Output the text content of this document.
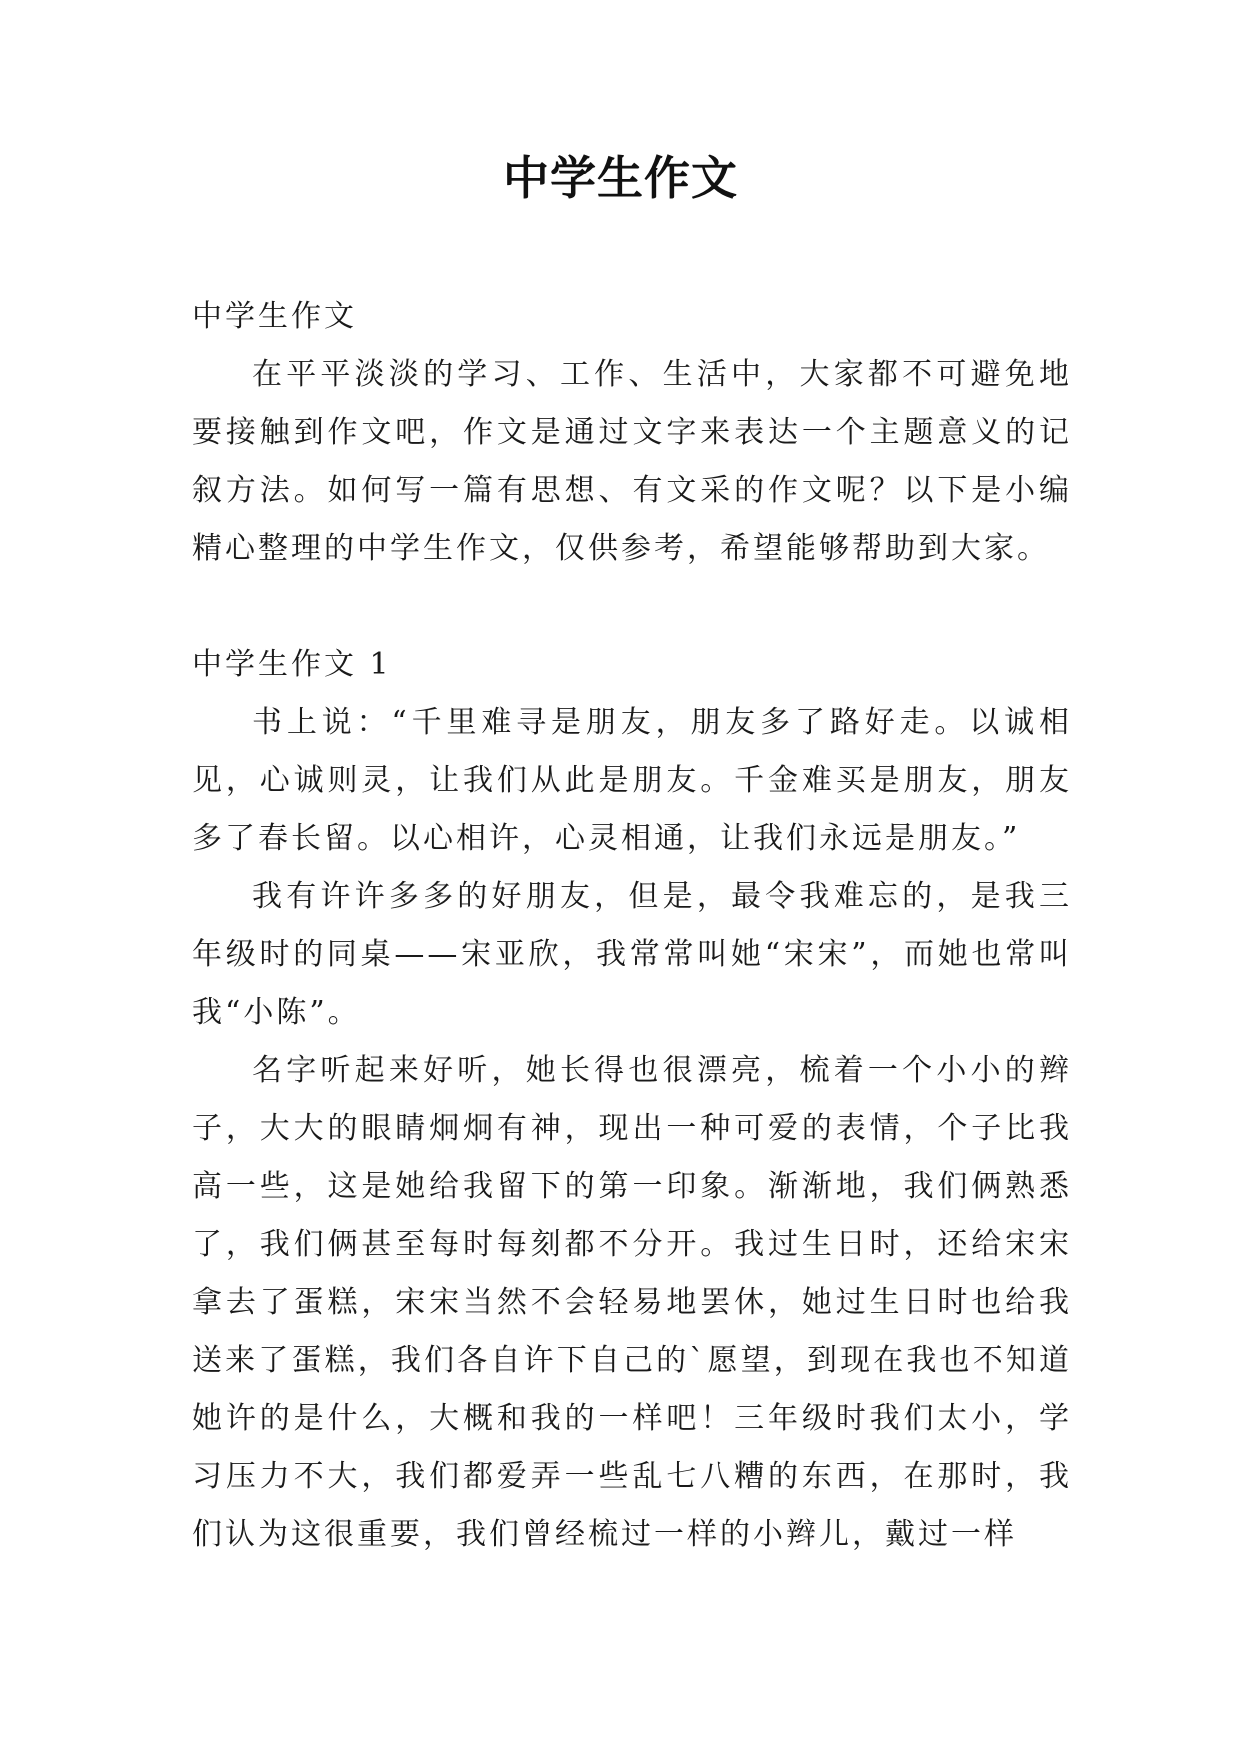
中学生作文

中学生作文

在平平淡淡的学习、工作、生活中，大家都不可避免地要接触到作文吧，作文是通过文字来表达一个主题意义的记叙方法。如何写一篇有思想、有文采的作文呢？以下是小编精心整理的中学生作文，仅供参考，希望能够帮助到大家。

中学生作文 1

书上说：“千里难寻是朋友，朋友多了路好走。以诚相见，心诚则灵，让我们从此是朋友。千金难买是朋友，朋友多了春长留。以心相许，心灵相通，让我们永远是朋友。”

我有许许多多的好朋友，但是，最令我难忘的，是我三年级时的同桌——宋亚欣，我常常叫她“宋宋”，而她也常叫我“小陈”。

名字听起来好听，她长得也很漂亮，梳着一个小小的辫子，大大的眼睛炯炯有神，现出一种可爱的表情，个子比我高一些，这是她给我留下的第一印象。渐渐地，我们俩熟悉了，我们俩甚至每时每刻都不分开。我过生日时，还给宋宋拿去了蛋糕，宋宋当然不会轻易地罢休，她过生日时也给我送来了蛋糕，我们各自许下自己的`愿望，到现在我也不知道她许的是什么，大概和我的一样吧！三年级时我们太小，学习压力不大，我们都爱弄一些乱七八糟的东西，在那时，我们认为这很重要，我们曾经梳过一样的小辫儿，戴过一样
